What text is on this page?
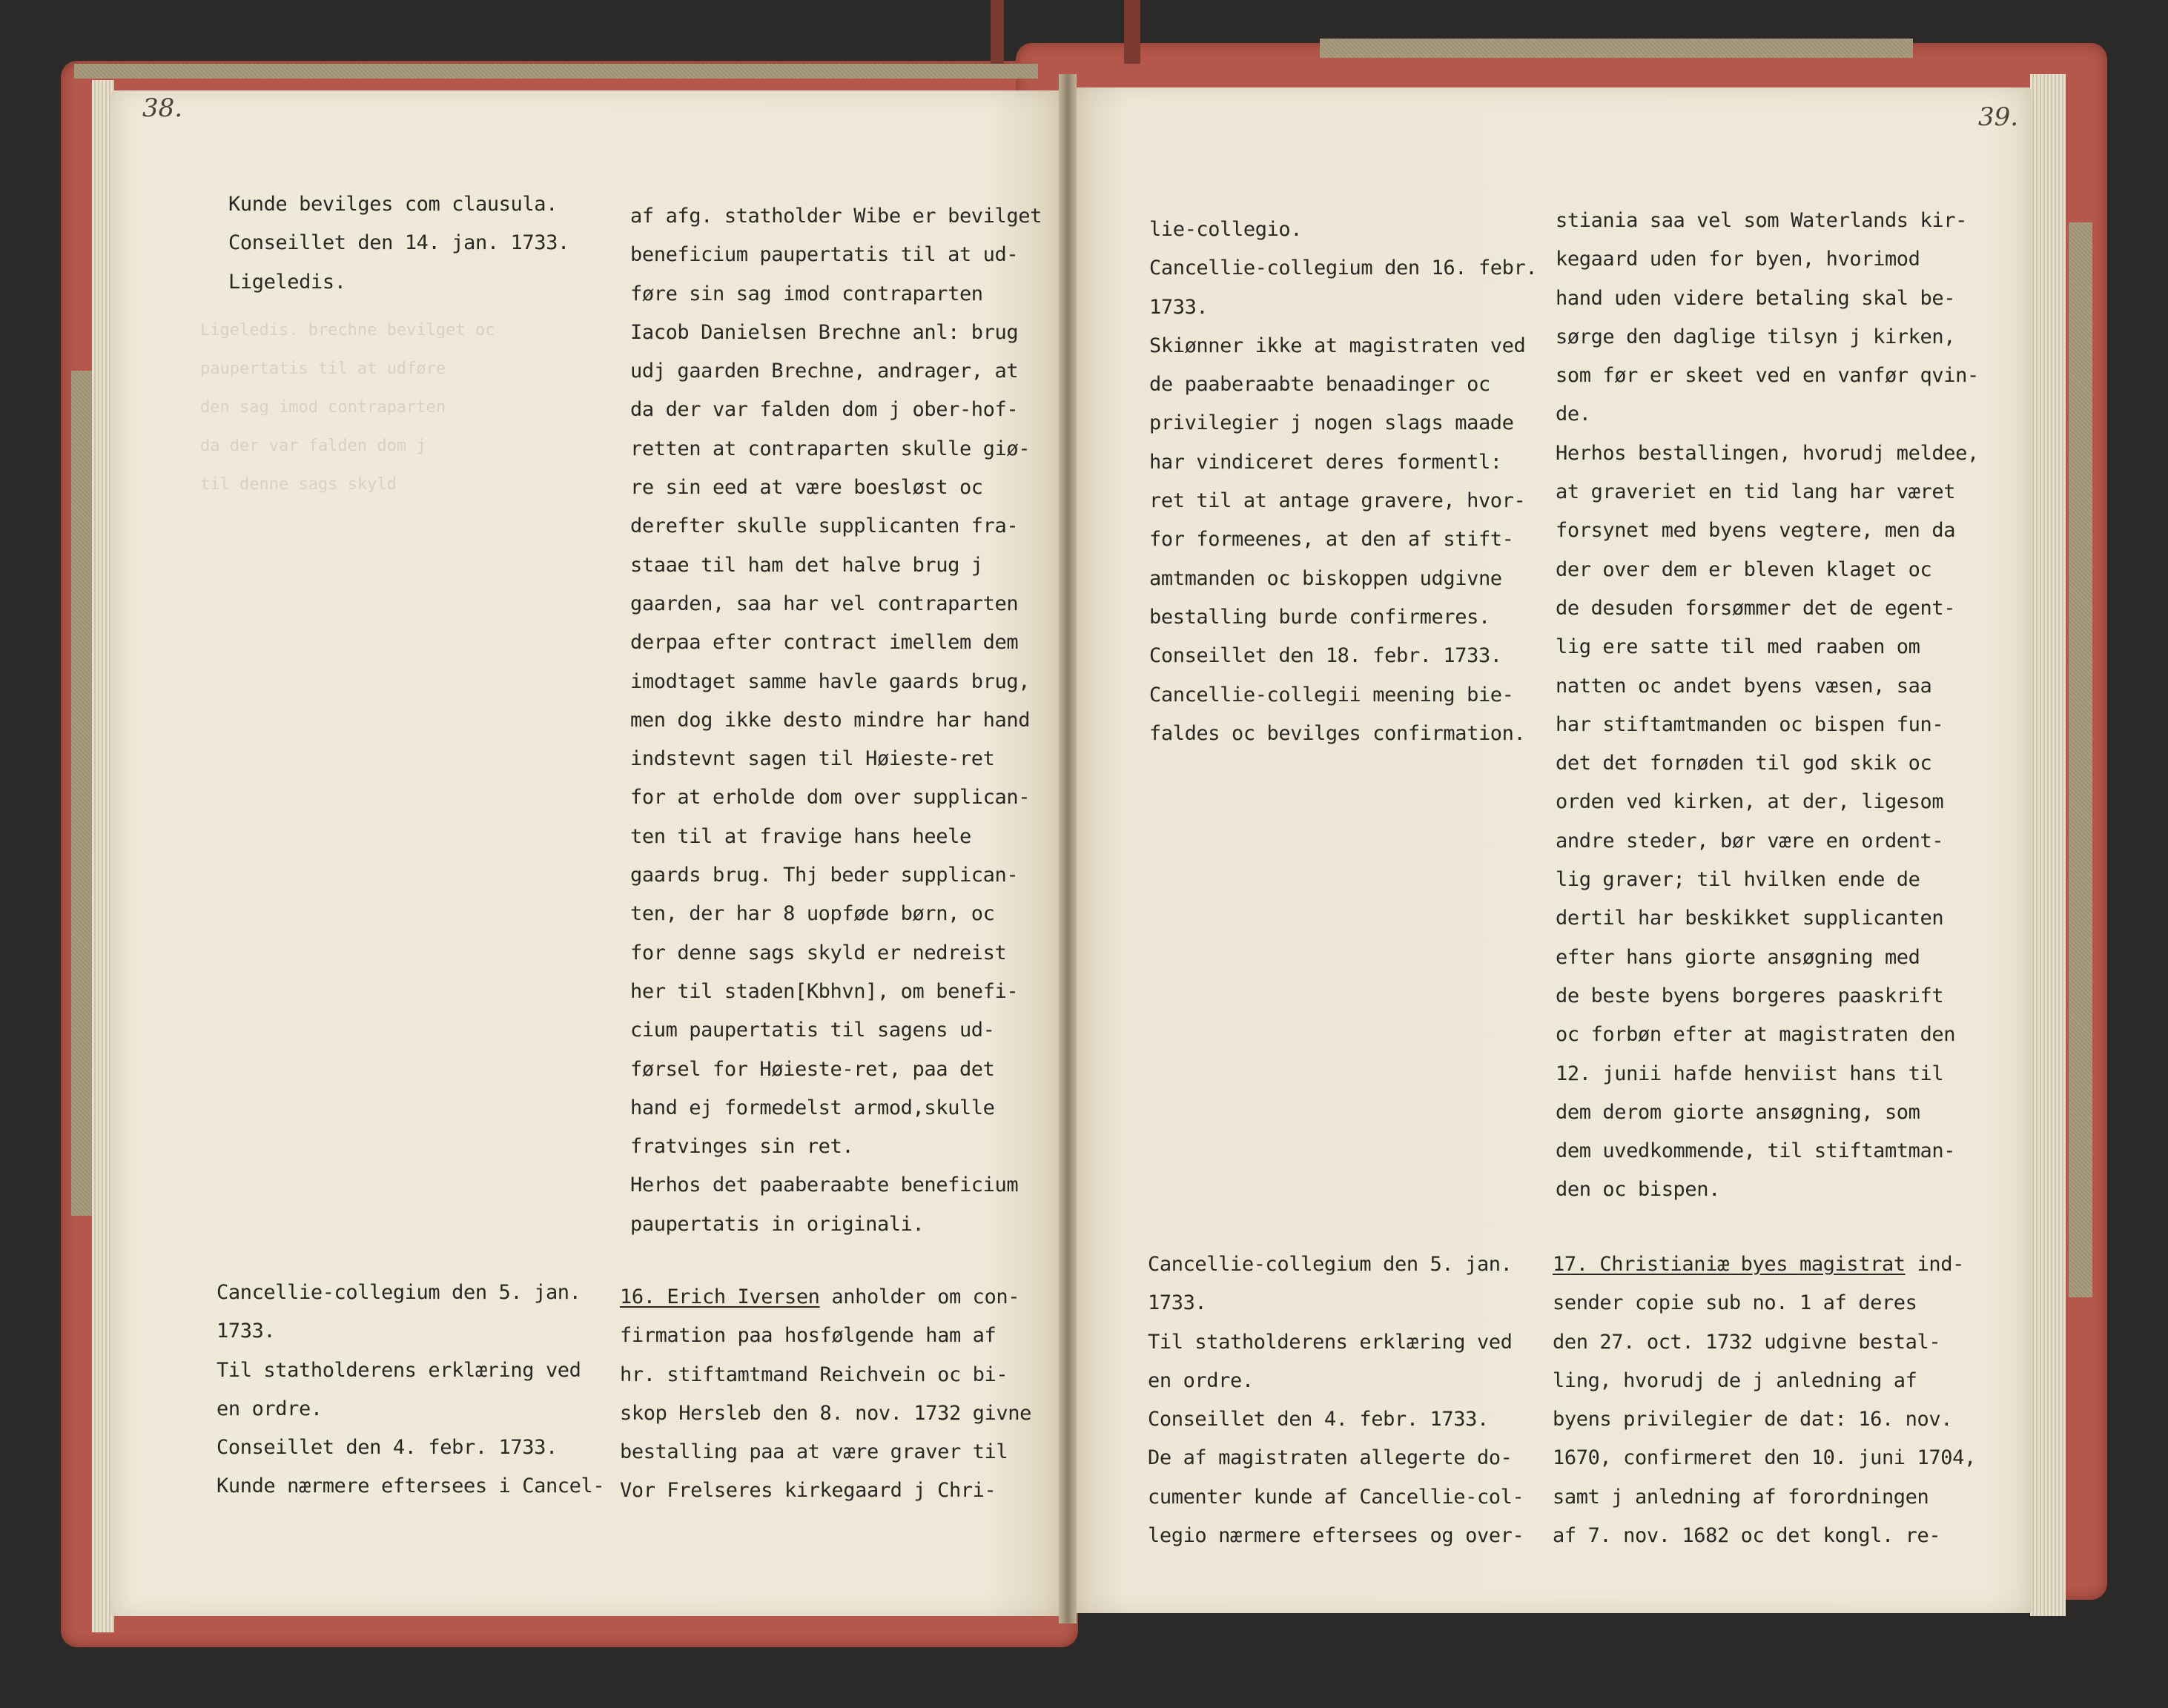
38.	39.
Ligeledis. brechne bevilget oc
paupertatis til at udføre
den sag imod contraparten
da der var falden dom j
til denne sags skyld

Kunde bevilges com clausula.

Conseillet den 14. jan. 1733.

Ligeledis.

af afg. statholder Wibe er bevilget

beneficium paupertatis til at ud-

føre sin sag imod contraparten

Iacob Danielsen Brechne anl: brug

udj gaarden Brechne, andrager, at

da der var falden dom j ober-hof-

retten at contraparten skulle giø-

re sin eed at være boesløst oc

derefter skulle supplicanten fra-

staae til ham det halve brug j

gaarden, saa har vel contraparten

derpaa efter contract imellem dem

imodtaget samme havle gaards brug,

men dog ikke desto mindre har hand

indstevnt sagen til Høieste-ret

for at erholde dom over supplican-

ten til at fravige hans heele

gaards brug. Thj beder supplican-

ten, der har 8 uopføde børn, oc

for denne sags skyld er nedreist

her til staden[Kbhvn], om benefi-

cium paupertatis til sagens ud-

førsel for Høieste-ret, paa det

hand ej formedelst armod,skulle

fratvinges sin ret.

Herhos det paaberaabte beneficium

paupertatis in originali.

Cancellie-collegium den 5. jan.

1733.

Til statholderens erklæring ved

en ordre.

Conseillet den 4. febr. 1733.

Kunde nærmere eftersees i Cancel-

16. Erich Iversen anholder om con-

firmation paa hosfølgende ham af

hr. stiftamtmand Reichvein oc bi-

skop Hersleb den 8. nov. 1732 givne

bestalling paa at være graver til

Vor Frelseres kirkegaard j Chri-

lie-collegio.

Cancellie-collegium den 16. febr.

1733.

Skiønner ikke at magistraten ved

de paaberaabte benaadinger oc

privilegier j nogen slags maade

har vindiceret deres formentl:

ret til at antage gravere, hvor-

for formeenes, at den af stift-

amtmanden oc biskoppen udgivne

bestalling burde confirmeres.

Conseillet den 18. febr. 1733.

Cancellie-collegii meening bie-

faldes oc bevilges confirmation.

stiania saa vel som Waterlands kir-

kegaard uden for byen, hvorimod

hand uden videre betaling skal be-

sørge den daglige tilsyn j kirken,

som før er skeet ved en vanfør qvin-

de.

Herhos bestallingen, hvorudj meldee,

at graveriet en tid lang har været

forsynet med byens vegtere, men da

der over dem er bleven klaget oc

de desuden forsømmer det de egent-

lig ere satte til med raaben om

natten oc andet byens væsen, saa

har stiftamtmanden oc bispen fun-

det det fornøden til god skik oc

orden ved kirken, at der, ligesom

andre steder, bør være en ordent-

lig graver; til hvilken ende de

dertil har beskikket supplicanten

efter hans giorte ansøgning med

de beste byens borgeres paaskrift

oc forbøn efter at magistraten den

12. junii hafde henviist hans til

dem derom giorte ansøgning, som

dem uvedkommende, til stiftamtman-

den oc bispen.

Cancellie-collegium den 5. jan.

1733.

Til statholderens erklæring ved

en ordre.

Conseillet den 4. febr. 1733.

De af magistraten allegerte do-

cumenter kunde af Cancellie-col-

legio nærmere eftersees og over-

17. Christianiæ byes magistrat ind-

sender copie sub no. 1 af deres

den 27. oct. 1732 udgivne bestal-

ling, hvorudj de j anledning af

byens privilegier de dat: 16. nov.

1670, confirmeret den 10. juni 1704,

samt j anledning af forordningen

af 7. nov. 1682 oc det kongl. re-
